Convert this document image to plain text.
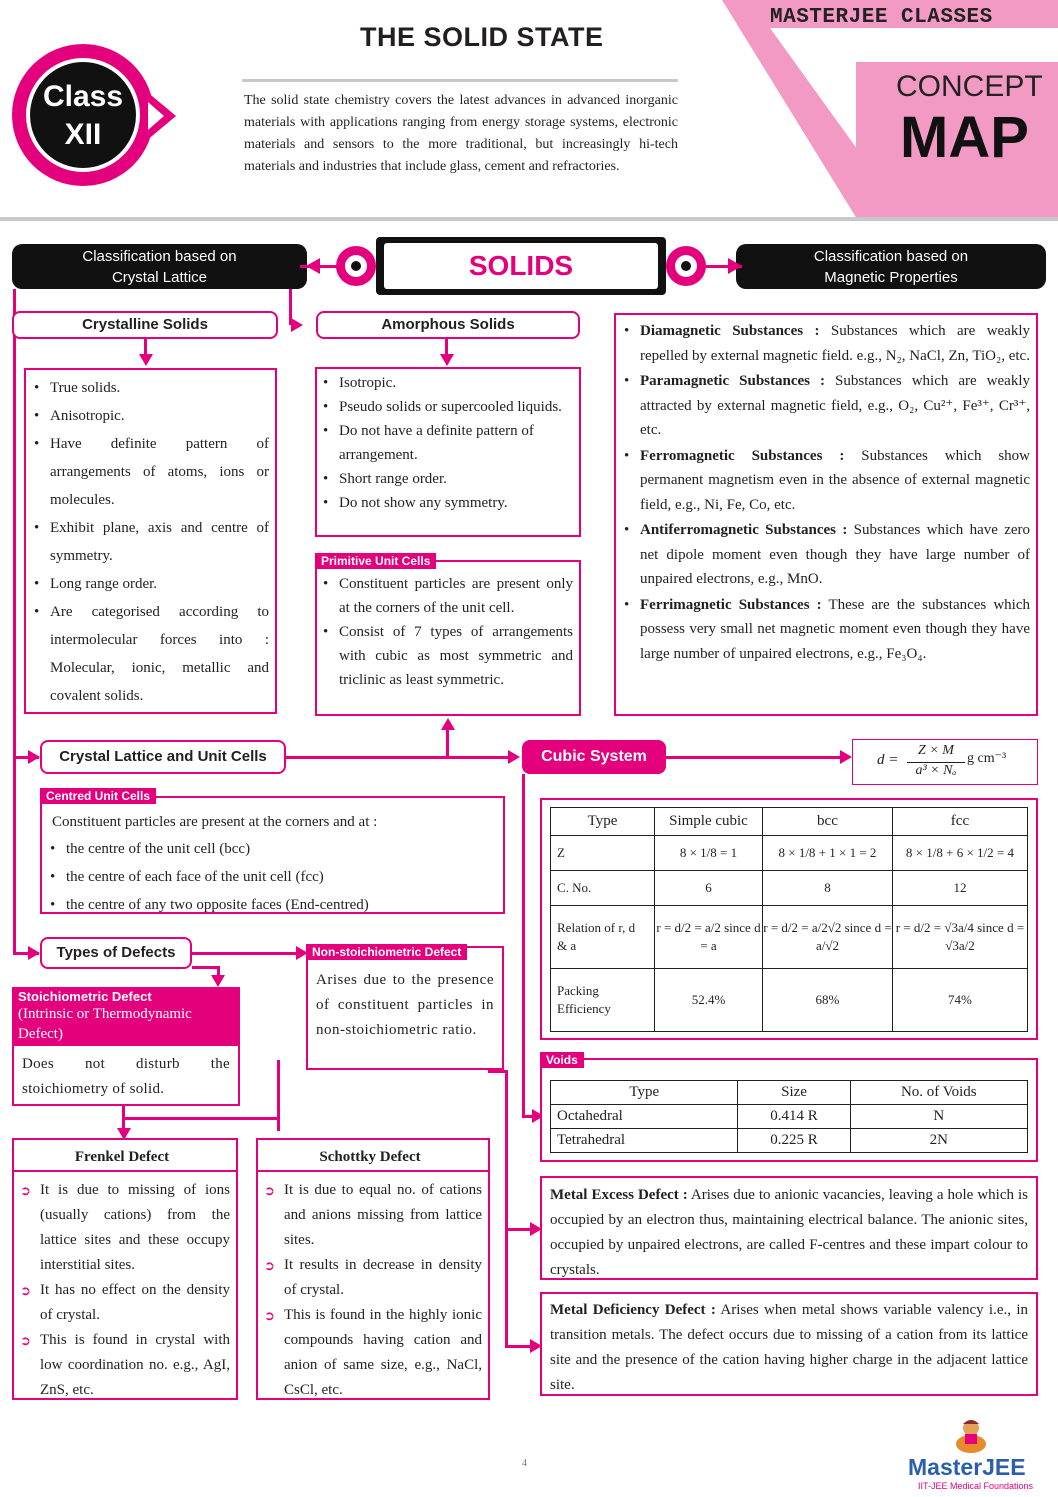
THE SOLID STATE
Class
XII
The solid state chemistry covers the latest advances in advanced inorganic materials with applications ranging from energy storage systems, electronic materials and sensors to the more traditional, but increasingly hi-tech materials and industries that include glass, cement and refractories.
MASTERJEE CLASSES
CONCEPT
MAP
Classification based on Crystal Lattice
Classification based on Magnetic Properties
SOLIDS
Crystalline Solids
• True solids.
• Anisotropic.
• Have definite pattern of arrangements of atoms, ions or molecules.
• Exhibit plane, axis and centre of symmetry.
• Long range order.
• Are categorised according to intermolecular forces into : Molecular, ionic, metallic and covalent solids.
Amorphous Solids
• Isotropic.
• Pseudo solids or supercooled liquids.
• Do not have a definite pattern of arrangement.
• Short range order.
• Do not show any symmetry.
• Constituent particles are present only at the corners of the unit cell.
• Consist of 7 types of arrangements with cubic as most symmetric and triclinic as least symmetric.
Primitive Unit Cells
• Diamagnetic Substances : Substances which are weakly repelled by external magnetic field. e.g., N₂, NaCl, Zn, TiO₂, etc.
• Paramagnetic Substances : Substances which are weakly attracted by external magnetic field, e.g., O₂, Cu²⁺, Fe³⁺, Cr³⁺, etc.
• Ferromagnetic Substances : Substances which show permanent magnetism even in the absence of external magnetic field, e.g., Ni, Fe, Co, etc.
• Antiferromagnetic Substances : Substances which have zero net dipole moment even though they have large number of unpaired electrons, e.g., MnO.
• Ferrimagnetic Substances : These are the substances which possess very small net magnetic moment even though they have large number of unpaired electrons, e.g., Fe₃O₄.
Crystal Lattice and Unit Cells	Cubic System	d =
Z × M
a³ × Nₐ
g cm⁻³
Constituent particles are present at the corners and at :
• the centre of the unit cell (bcc)
• the centre of each face of the unit cell (fcc)
• the centre of any two opposite faces (End-centred)
Centred Unit Cells
Type	Simple cubic	bcc	fcc
Z	8 × 1/8 = 1	8 × 1/8 + 1 × 1 = 2	8 × 1/8 + 6 × 1/2 = 4
C. No.	6	8	12
Relation of r, d & a	r = d/2 = a/2 since d = a	r = d/2 = a/2√2 since d = a/√2	r = d/2 = √3a/4 since d = √3a/2
Packing Efficiency	52.4%	68%	74%
Type	Size	No. of Voids
Octahedral	0.414 R	N
Tetrahedral	0.225 R	2N
Voids
Types of Defects
Stoichiometric Defect
(Intrinsic or Thermodynamic Defect)
Does not disturb the stoichiometry of solid.
Arises due to the presence of constituent particles in non-stoichiometric ratio.
Non-stoichiometric Defect
Frenkel Defect
➲ It is due to missing of ions (usually cations) from the lattice sites and these occupy interstitial sites.
➲ It has no effect on the density of crystal.
➲ This is found in crystal with low coordination no. e.g., AgI, ZnS, etc.
Schottky Defect
➲ It is due to equal no. of cations and anions missing from lattice sites.
➲ It results in decrease in density of crystal.
➲ This is found in the highly ionic compounds having cation and anion of same size, e.g., NaCl, CsCl, etc.
Metal Excess Defect : Arises due to anionic vacancies, leaving a hole which is occupied by an electron thus, maintaining electrical balance. The anionic sites, occupied by unpaired electrons, are called F-centres and these impart colour to crystals.
Metal Deficiency Defect : Arises when metal shows variable valency i.e., in transition metals. The defect occurs due to missing of a cation from its lattice site and the presence of the cation having higher charge in the adjacent lattice site.
4	MasterJEE
IIT-JEE Medical Foundations
